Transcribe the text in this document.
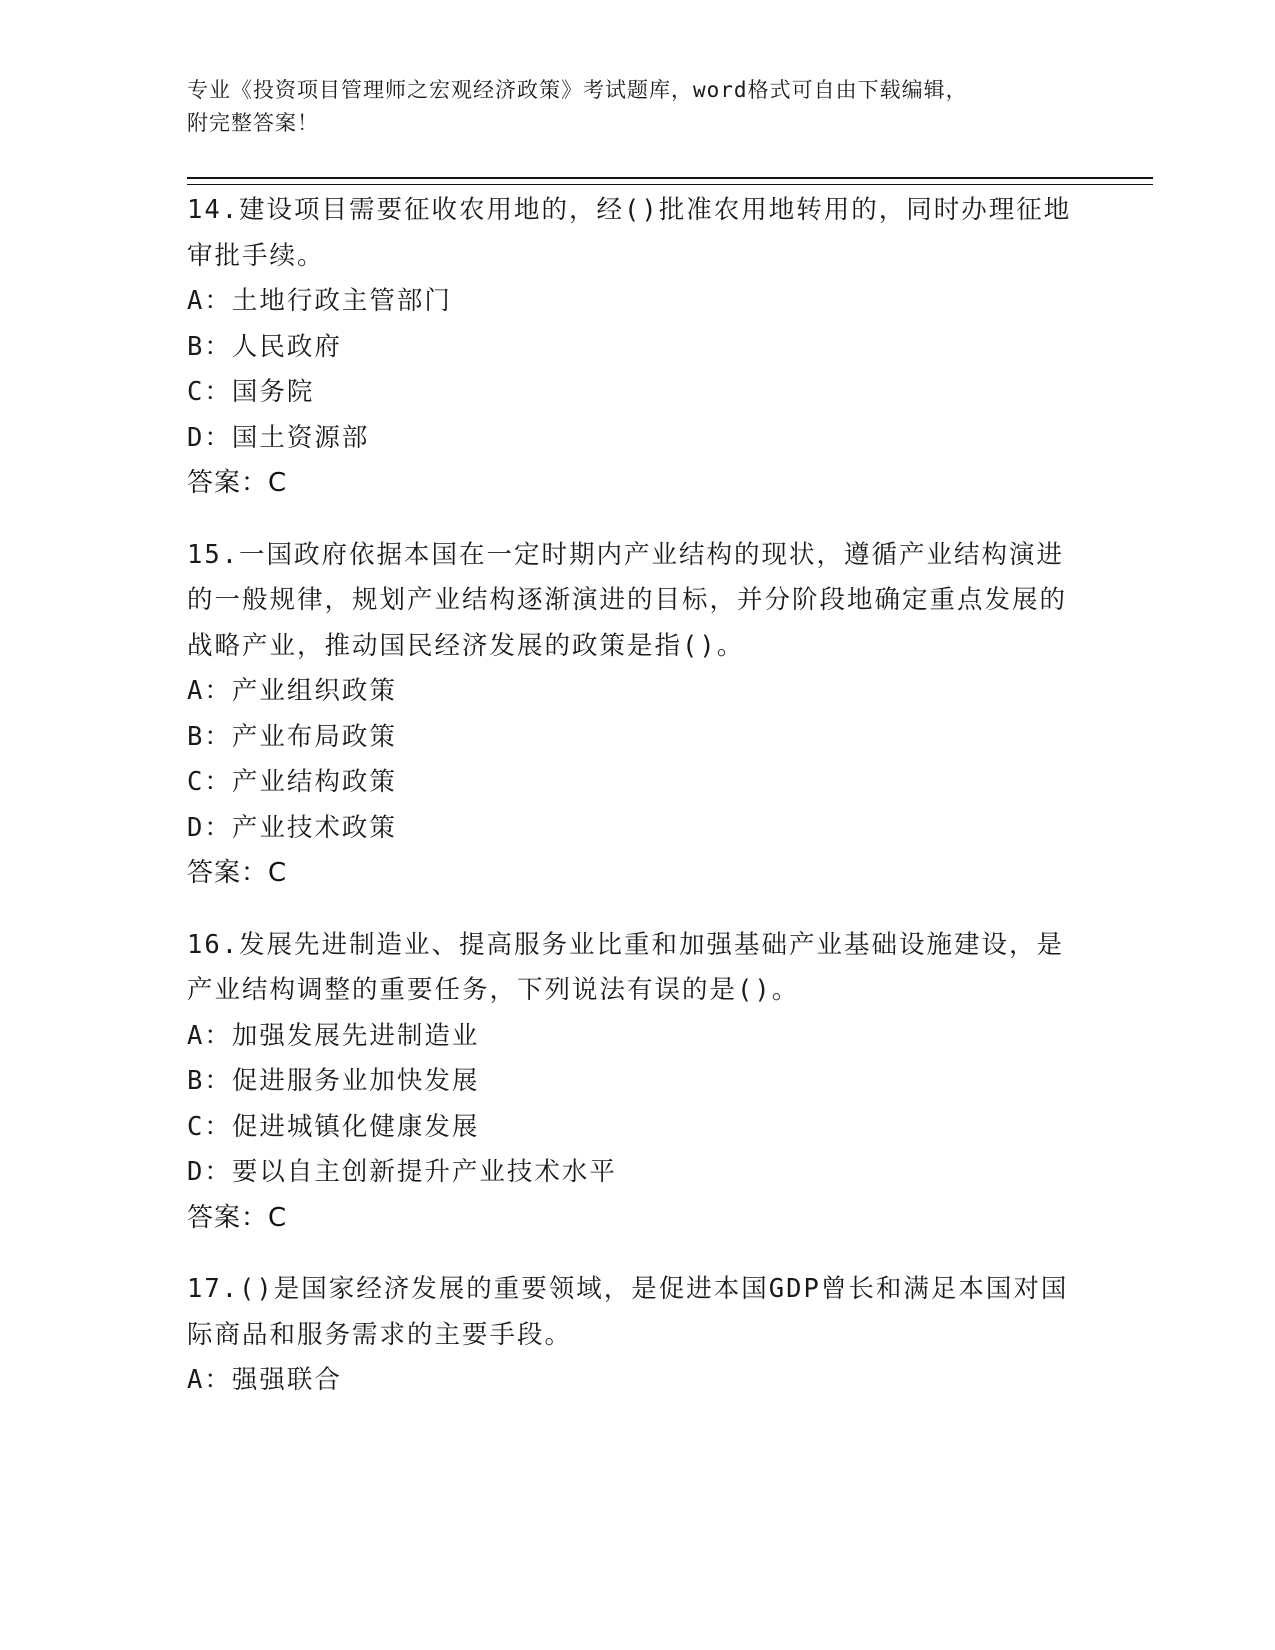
专业《投资项目管理师之宏观经济政策》考试题库，word格式可自由下载编辑，
附完整答案！

14.建设项目需要征收农用地的，经()批准农用地转用的，同时办理征地审批手续。

A：土地行政主管部门

B：人民政府

C：国务院

D：国土资源部

答案：C

15.一国政府依据本国在一定时期内产业结构的现状，遵循产业结构演进的一般规律，规划产业结构逐渐演进的目标，并分阶段地确定重点发展的战略产业，推动国民经济发展的政策是指()。

A：产业组织政策

B：产业布局政策

C：产业结构政策

D：产业技术政策

答案：C

16.发展先进制造业、提高服务业比重和加强基础产业基础设施建设，是产业结构调整的重要任务，下列说法有误的是()。

A：加强发展先进制造业

B：促进服务业加快发展

C：促进城镇化健康发展

D：要以自主创新提升产业技术水平

答案：C

17.()是国家经济发展的重要领域，是促进本国GDP曾长和满足本国对国际商品和服务需求的主要手段。

A：强强联合
